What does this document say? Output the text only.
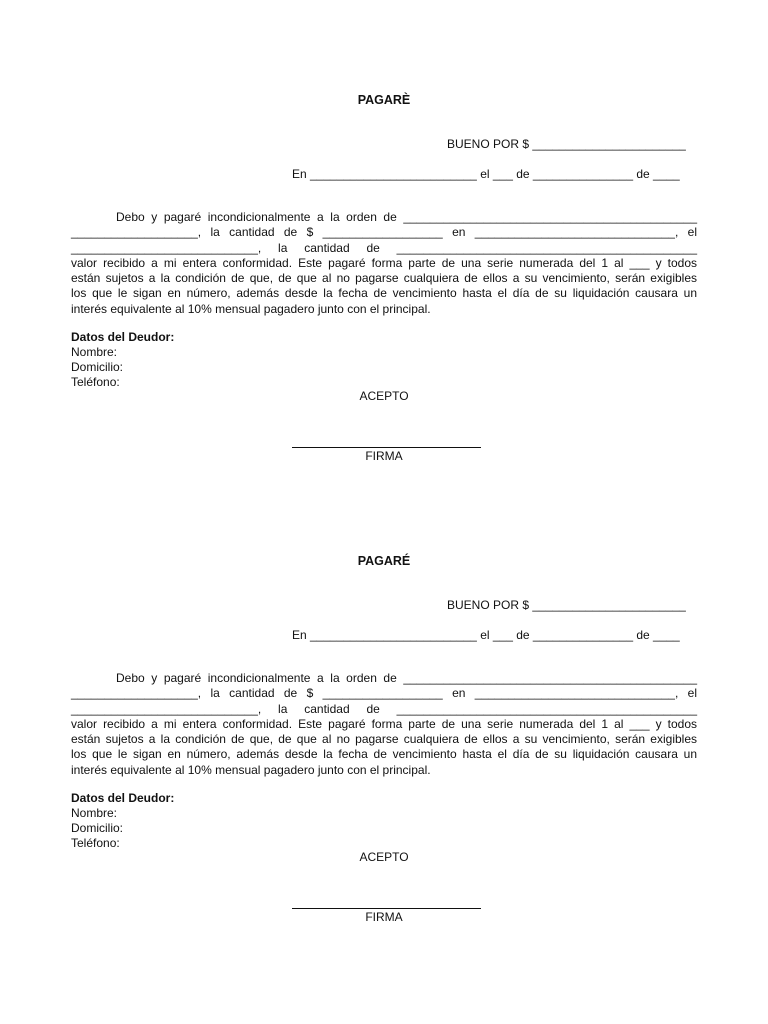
PAGARÈ
BUENO POR $ _______________________
En _________________________ el ___ de _______________ de ____

Debo y pagaré incondicionalmente a la orden de ____________________________________________

___________________, la cantidad de $ __________________ en ______________________________, el

____________________________, la cantidad de _____________________________________________

valor recibido a mi entera conformidad. Este pagaré forma parte de una serie numerada del 1 al ___ y todos

están sujetos a la condición de que, de que al no pagarse cualquiera de ellos a su vencimiento, serán exigibles

los que le sigan en número, además desde la fecha de vencimiento hasta el día de su liquidación causara un

interés equivalente al 10% mensual pagadero junto con el principal.

Datos del Deudor:
Nombre:
Domicilio:
Teléfono:
ACEPTO
FIRMA
PAGARÉ
BUENO POR $ _______________________
En _________________________ el ___ de _______________ de ____

Debo y pagaré incondicionalmente a la orden de ____________________________________________

___________________, la cantidad de $ __________________ en ______________________________, el

____________________________, la cantidad de _____________________________________________

valor recibido a mi entera conformidad. Este pagaré forma parte de una serie numerada del 1 al ___ y todos

están sujetos a la condición de que, de que al no pagarse cualquiera de ellos a su vencimiento, serán exigibles

los que le sigan en número, además desde la fecha de vencimiento hasta el día de su liquidación causara un

interés equivalente al 10% mensual pagadero junto con el principal.

Datos del Deudor:
Nombre:
Domicilio:
Teléfono:
ACEPTO
FIRMA
